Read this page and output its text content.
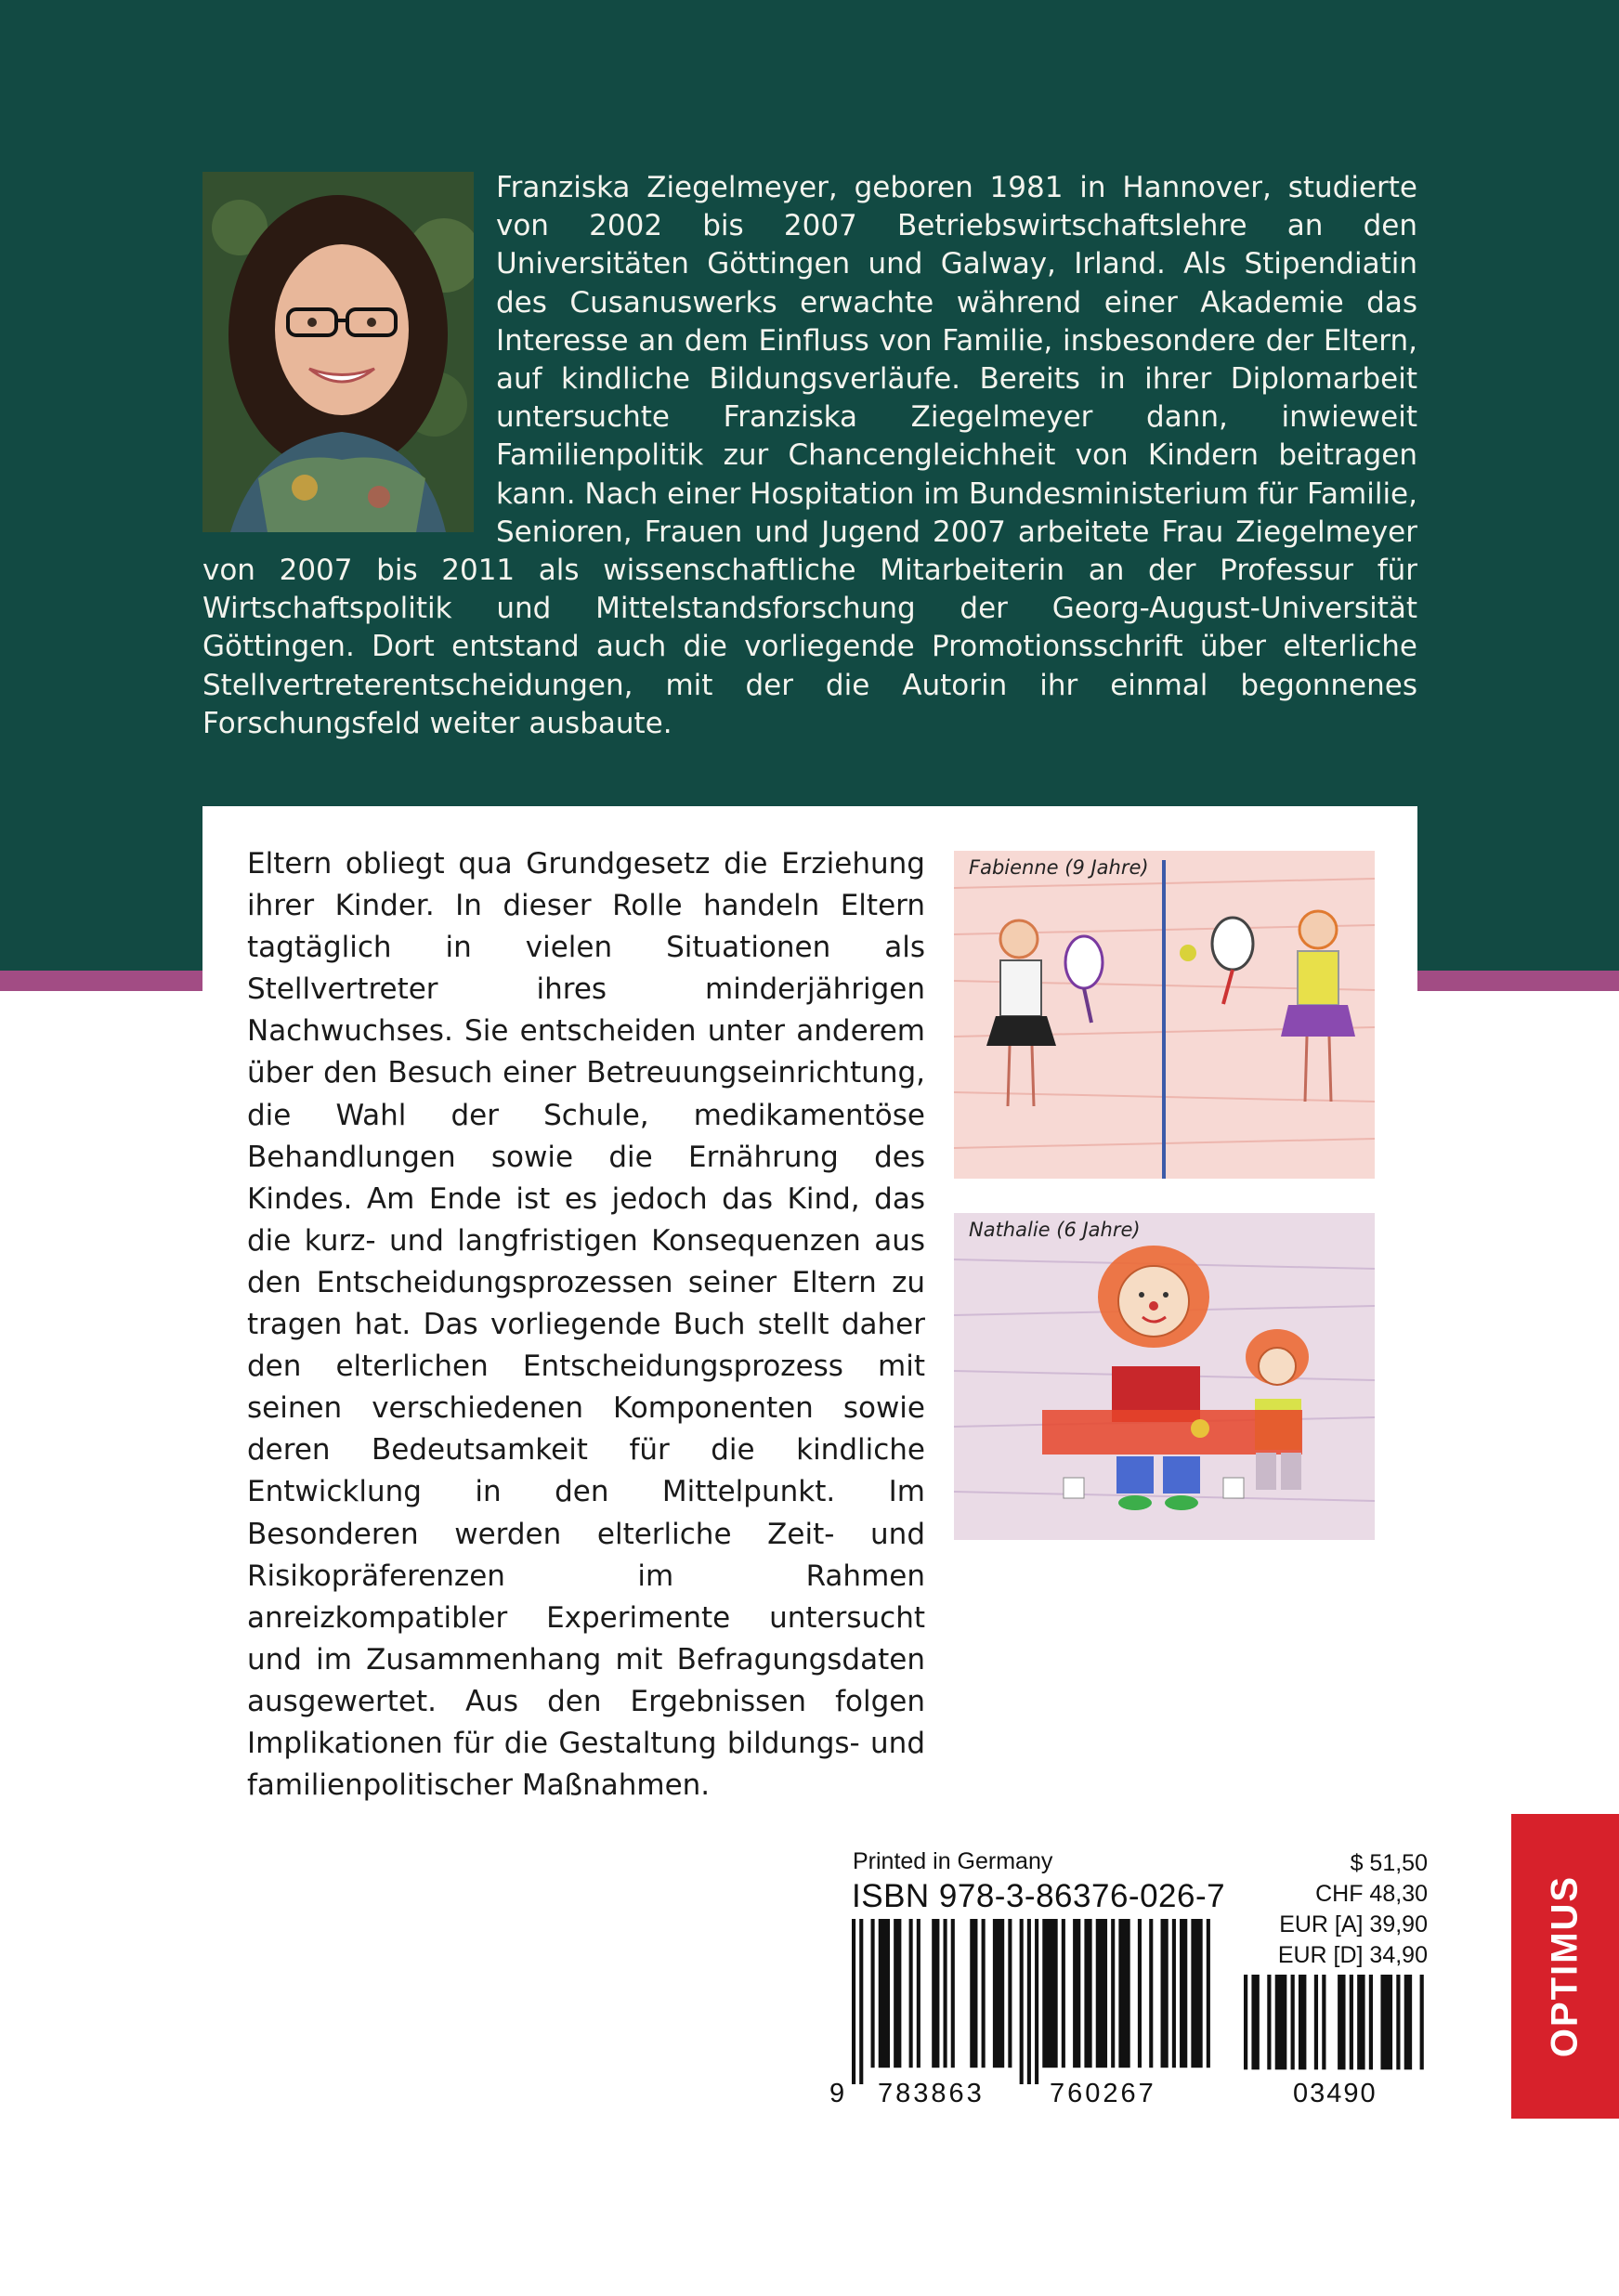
Franziska Ziegelmeyer, geboren 1981 in Hannover, studierte von 2002 bis 2007 Betriebswirtschaftslehre an den Universitäten Göttingen und Galway, Irland. Als Stipendiatin des Cusanuswerks erwachte während einer Akademie das Interesse an dem Einfluss von Familie, insbesondere der Eltern, auf kindliche Bildungsverläufe. Bereits in ihrer Diplomarbeit untersuchte Franziska Ziegelmeyer dann, inwieweit Familienpolitik zur Chancengleichheit von Kindern beitragen kann. Nach einer Hospitation im Bundesministerium für Familie, Senioren, Frauen und Jugend 2007 arbeitete Frau Ziegelmeyer von 2007 bis 2011 als wissenschaftliche Mitarbeiterin an der Professur für Wirtschaftspolitik und Mittelstandsforschung der Georg-August-Universität Göttingen. Dort entstand auch die vorliegende Promotionsschrift über elterliche Stellvertreterentscheidungen, mit der die Autorin ihr einmal begonnenes Forschungsfeld weiter ausbaute.

Eltern obliegt qua Grundgesetz die Erziehung ihrer Kinder. In dieser Rolle handeln Eltern tagtäglich in vielen Situationen als Stellvertreter ihres minderjährigen Nachwuchses. Sie entscheiden unter anderem über den Besuch einer Betreuungseinrichtung, die Wahl der Schule, medikamentöse Behandlungen sowie die Ernährung des Kindes. Am Ende ist es jedoch das Kind, das die kurz- und langfristigen Konsequenzen aus den Entscheidungsprozessen seiner Eltern zu tragen hat. Das vorliegende Buch stellt daher den elterlichen Entscheidungsprozess mit seinen verschiedenen Komponenten sowie deren Bedeutsamkeit für die kindliche Entwicklung in den Mittelpunkt. Im Besonderen werden elterliche Zeit- und Risikopräferenzen im Rahmen anreizkompatibler Experimente untersucht und im Zusammenhang mit Befragungsdaten ausgewertet. Aus den Ergebnissen folgen Implikationen für die Gestaltung bildungs- und familienpolitischer Maßnahmen.

Fabienne (9 Jahre)
Nathalie (6 Jahre)
Printed in Germany
ISBN 978-3-86376-026-7
9 783863 760267	03490
$ 51,50
CHF 48,30
EUR [A] 39,90
EUR [D] 34,90	OPTIMUS
